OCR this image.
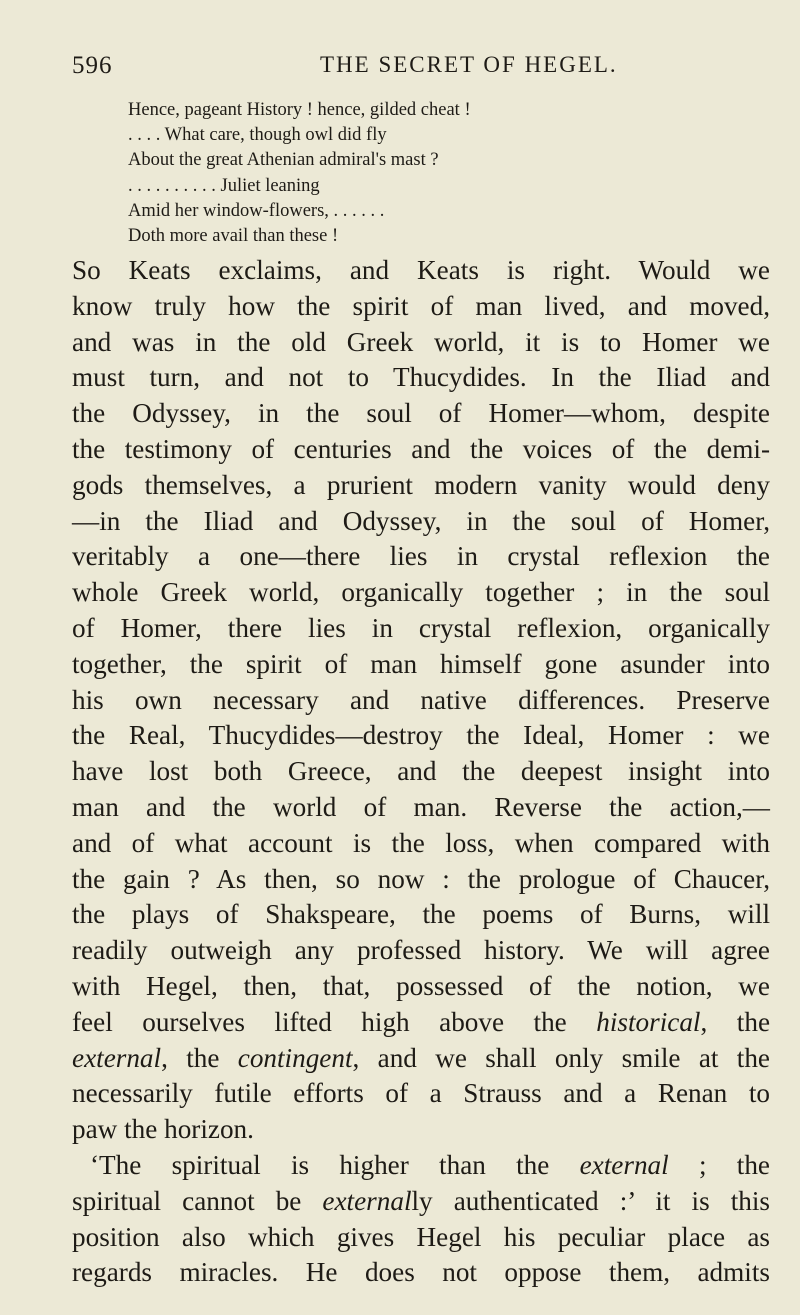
596	THE SECRET OF HEGEL.
Hence, pageant History ! hence, gilded cheat !
. . . . What care, though owl did fly
About the great Athenian admiral's mast ?
. . . . . . . . . . Juliet leaning
Amid her window-flowers, . . . . . .
Doth more avail than these !

So Keats exclaims, and Keats is right. Would we
know truly how the spirit of man lived, and moved,
and was in the old Greek world, it is to Homer we
must turn, and not to Thucydides. In the Iliad and
the Odyssey, in the soul of Homer—whom, despite
the testimony of centuries and the voices of the demi-
gods themselves, a prurient modern vanity would deny
—in the Iliad and Odyssey, in the soul of Homer,
veritably a one—there lies in crystal reflexion the
whole Greek world, organically together ; in the soul
of Homer, there lies in crystal reflexion, organically
together, the spirit of man himself gone asunder into
his own necessary and native differences. Preserve
the Real, Thucydides—destroy the Ideal, Homer : we
have lost both Greece, and the deepest insight into
man and the world of man. Reverse the action,—
and of what account is the loss, when compared with
the gain ? As then, so now : the prologue of Chaucer,
the plays of Shakspeare, the poems of Burns, will
readily outweigh any professed history. We will agree
with Hegel, then, that, possessed of the notion, we
feel ourselves lifted high above the historical, the
external, the contingent, and we shall only smile at the
necessarily futile efforts of a Strauss and a Renan to
paw the horizon.

‘The spiritual is higher than the external ; the
spiritual cannot be externally authenticated :’ it is this
position also which gives Hegel his peculiar place as
regards miracles. He does not oppose them, admits
